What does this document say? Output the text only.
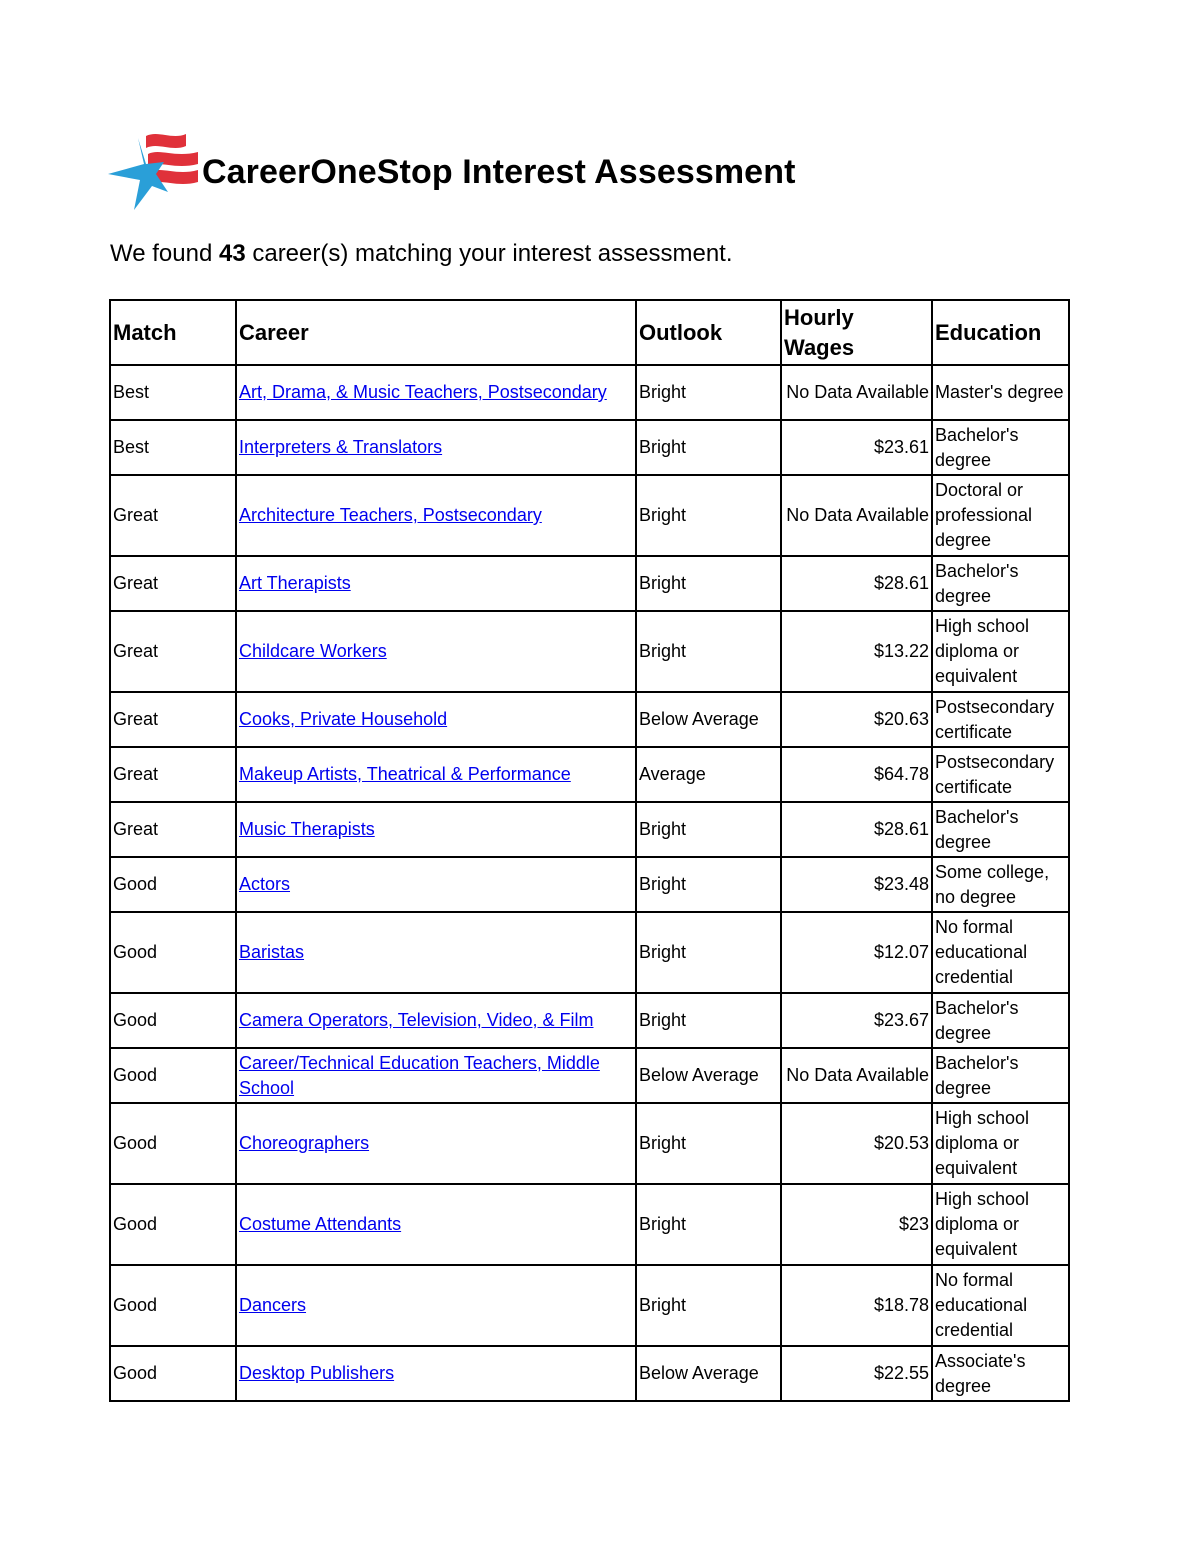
CareerOneStop Interest Assessment
We found 43 career(s) matching your interest assessment.
Match	Career	Outlook	Hourly Wages	Education
Best	Art, Drama, & Music Teachers, Postsecondary	Bright	No Data Available	Master's degree
Best	Interpreters & Translators	Bright	$23.61	Bachelor's degree
Great	Architecture Teachers, Postsecondary	Bright	No Data Available	Doctoral or professional degree
Great	Art Therapists	Bright	$28.61	Bachelor's degree
Great	Childcare Workers	Bright	$13.22	High school diploma or equivalent
Great	Cooks, Private Household	Below Average	$20.63	Postsecondary certificate
Great	Makeup Artists, Theatrical & Performance	Average	$64.78	Postsecondary certificate
Great	Music Therapists	Bright	$28.61	Bachelor's degree
Good	Actors	Bright	$23.48	Some college, no degree
Good	Baristas	Bright	$12.07	No formal educational credential
Good	Camera Operators, Television, Video, & Film	Bright	$23.67	Bachelor's degree
Good	Career/Technical Education Teachers, Middle School	Below Average	No Data Available	Bachelor's degree
Good	Choreographers	Bright	$20.53	High school diploma or equivalent
Good	Costume Attendants	Bright	$23	High school diploma or equivalent
Good	Dancers	Bright	$18.78	No formal educational credential
Good	Desktop Publishers	Below Average	$22.55	Associate's degree
